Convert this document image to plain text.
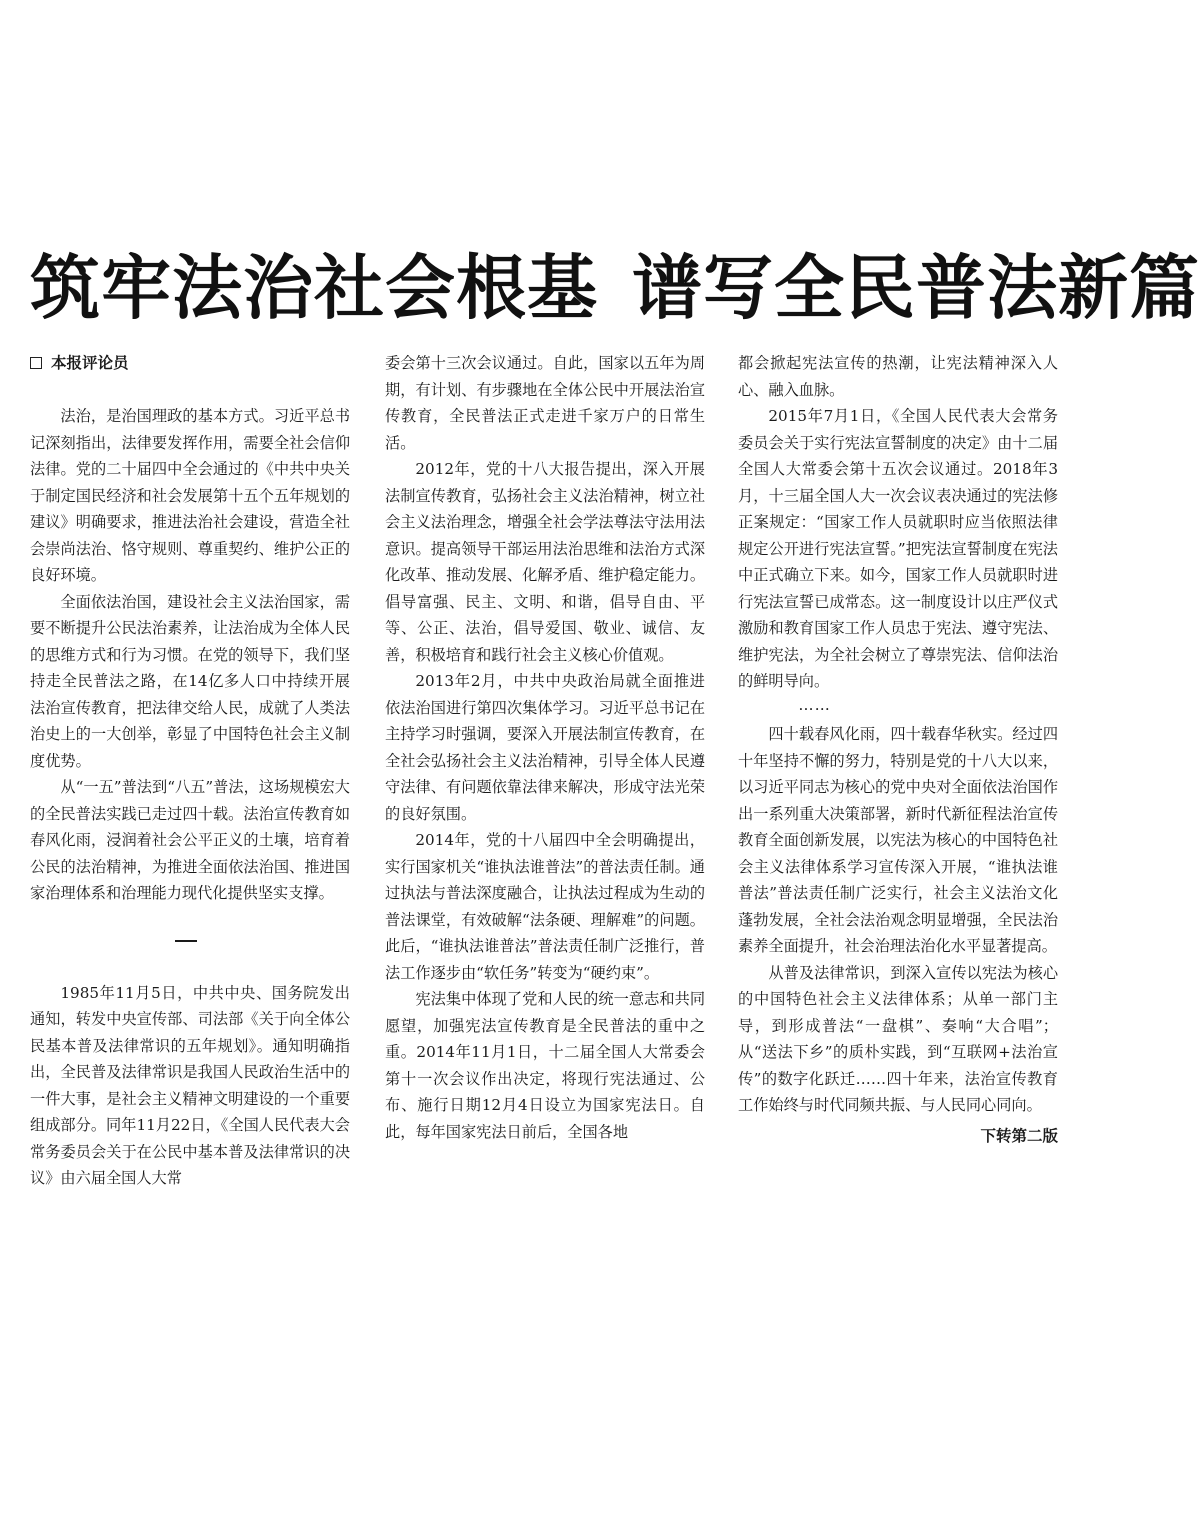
筑牢法治社会根基 谱写全民普法新篇
本报评论员

法治，是治国理政的基本方式。习近平总书记深刻指出，法律要发挥作用，需要全社会信仰法律。党的二十届四中全会通过的《中共中央关于制定国民经济和社会发展第十五个五年规划的建议》明确要求，推进法治社会建设，营造全社会崇尚法治、恪守规则、尊重契约、维护公正的良好环境。

全面依法治国，建设社会主义法治国家，需要不断提升公民法治素养，让法治成为全体人民的思维方式和行为习惯。在党的领导下，我们坚持走全民普法之路，在14亿多人口中持续开展法治宣传教育，把法律交给人民，成就了人类法治史上的一大创举，彰显了中国特色社会主义制度优势。

从“一五”普法到“八五”普法，这场规模宏大的全民普法实践已走过四十载。法治宣传教育如春风化雨，浸润着社会公平正义的土壤，培育着公民的法治精神，为推进全面依法治国、推进国家治理体系和治理能力现代化提供坚实支撑。

1985年11月5日，中共中央、国务院发出通知，转发中央宣传部、司法部《关于向全体公民基本普及法律常识的五年规划》。通知明确指出，全民普及法律常识是我国人民政治生活中的一件大事，是社会主义精神文明建设的一个重要组成部分。同年11月22日，《全国人民代表大会常务委员会关于在公民中基本普及法律常识的决议》由六届全国人大常

委会第十三次会议通过。自此，国家以五年为周期，有计划、有步骤地在全体公民中开展法治宣传教育，全民普法正式走进千家万户的日常生活。

2012年，党的十八大报告提出，深入开展法制宣传教育，弘扬社会主义法治精神，树立社会主义法治理念，增强全社会学法尊法守法用法意识。提高领导干部运用法治思维和法治方式深化改革、推动发展、化解矛盾、维护稳定能力。倡导富强、民主、文明、和谐，倡导自由、平等、公正、法治，倡导爱国、敬业、诚信、友善，积极培育和践行社会主义核心价值观。

2013年2月，中共中央政治局就全面推进依法治国进行第四次集体学习。习近平总书记在主持学习时强调，要深入开展法制宣传教育，在全社会弘扬社会主义法治精神，引导全体人民遵守法律、有问题依靠法律来解决，形成守法光荣的良好氛围。

2014年，党的十八届四中全会明确提出，实行国家机关“谁执法谁普法”的普法责任制。通过执法与普法深度融合，让执法过程成为生动的普法课堂，有效破解“法条硬、理解难”的问题。此后，“谁执法谁普法”普法责任制广泛推行，普法工作逐步由“软任务”转变为“硬约束”。

宪法集中体现了党和人民的统一意志和共同愿望，加强宪法宣传教育是全民普法的重中之重。2014年11月1日，十二届全国人大常委会第十一次会议作出决定，将现行宪法通过、公布、施行日期12月4日设立为国家宪法日。自此，每年国家宪法日前后，全国各地

都会掀起宪法宣传的热潮，让宪法精神深入人心、融入血脉。

2015年7月1日，《全国人民代表大会常务委员会关于实行宪法宣誓制度的决定》由十二届全国人大常委会第十五次会议通过。2018年3月，十三届全国人大一次会议表决通过的宪法修正案规定：“国家工作人员就职时应当依照法律规定公开进行宪法宣誓。”把宪法宣誓制度在宪法中正式确立下来。如今，国家工作人员就职时进行宪法宣誓已成常态。这一制度设计以庄严仪式激励和教育国家工作人员忠于宪法、遵守宪法、维护宪法，为全社会树立了尊崇宪法、信仰法治的鲜明导向。

……

四十载春风化雨，四十载春华秋实。经过四十年坚持不懈的努力，特别是党的十八大以来，以习近平同志为核心的党中央对全面依法治国作出一系列重大决策部署，新时代新征程法治宣传教育全面创新发展，以宪法为核心的中国特色社会主义法律体系学习宣传深入开展，“谁执法谁普法”普法责任制广泛实行，社会主义法治文化蓬勃发展，全社会法治观念明显增强，全民法治素养全面提升，社会治理法治化水平显著提高。

从普及法律常识，到深入宣传以宪法为核心的中国特色社会主义法律体系；从单一部门主导，到形成普法“一盘棋”、奏响“大合唱”；从“送法下乡”的质朴实践，到“互联网+法治宣传”的数字化跃迁……四十年来，法治宣传教育工作始终与时代同频共振、与人民同心同向。

下转第二版
